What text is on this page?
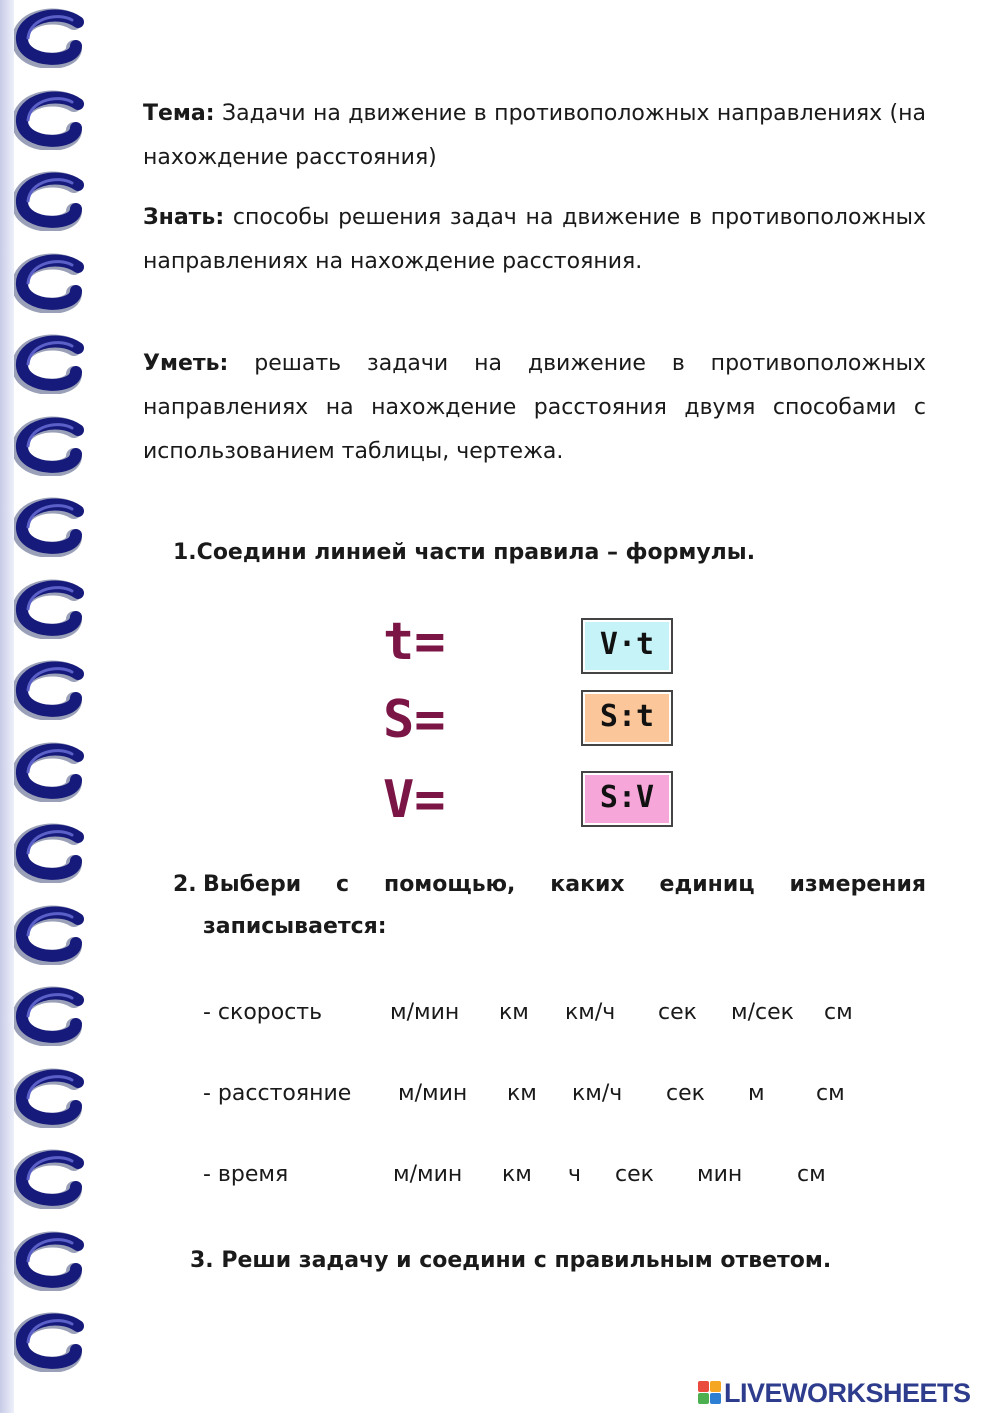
Тема: Задачи на движение в противоположных направлениях (на нахождение расстояния)
Знать: способы решения задач на движение в противоположных направлениях на нахождение расстояния.
Уметь: решать задачи на движение в противоположных направлениях на нахождение расстояния двумя способами с использованием таблицы, чертежа.
1.Соедини линией части правила – формулы.
t=
S=
V=
V·t
S:t
S:V
2. Выбери с помощью, каких единиц измерения записывается:
- скорость	м/мин км км/ч сек м/сек см
- расстояние м/мин км км/ч сек м см
- время	м/мин км ч сек мин см
3. Реши задачу и соедини с правильным ответом.
LIVEWORKSHEETS
